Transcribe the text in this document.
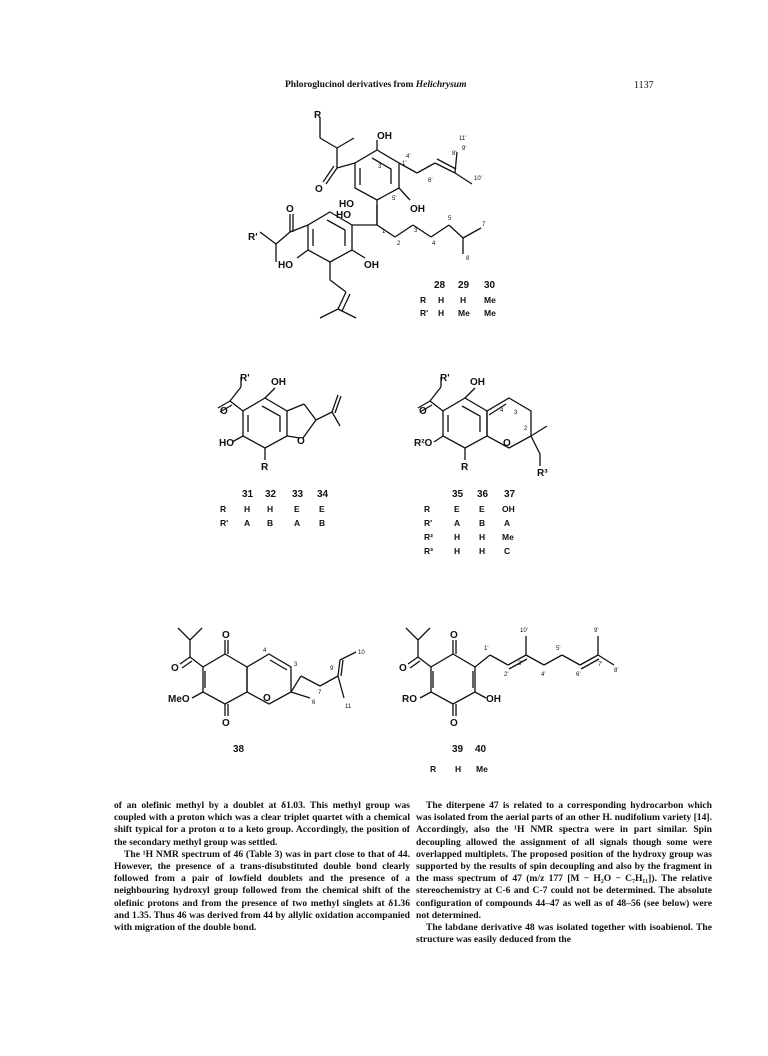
Phloroglucinol derivatives from Helichrysum	1137
OH
O
R
1'
3'
5'
4'
6'
8'
9'
10'
11'
OH
HO
HO
O
R'	1
2
3
4
5
7
8
HO	OH
28 29 30
R H H Me
R' H Me Me
O
OH
R'
O
HO
R
31 32 33 34
R H H E E
R' A B A B
O
4 3
2
R³
OH
R'
O
R²O
R
35 36 37
R	E E OH
R'	A B A
R² H H Me
R³ H H C
O
4
3
O
O
O
MeO	6
7
9
10
11
38
O
O
O
RO	OH
10'
1'
2'
3'
4'
5'
9'
7'
8'
6'
39 40
R H Me

of an olefinic methyl by a doublet at δ1.03. This methyl group was coupled with a proton which was a clear triplet quartet with a chemical shift typical for a proton α to a keto group. Accordingly, the position of the secondary methyl group was settled.

The ¹H NMR spectrum of 46 (Table 3) was in part close to that of 44. However, the presence of a trans-disubstituted double bond clearly followed from a pair of lowfield doublets and the presence of a neighbouring hydroxyl group followed from the chemical shift of the olefinic protons and from the presence of two methyl singlets at δ1.36 and 1.35. Thus 46 was derived from 44 by allylic oxidation accompanied with migration of the double bond.

The diterpene 47 is related to a corresponding hydrocarbon which was isolated from the aerial parts of an other H. nudifolium variety [14]. Accordingly, also the ¹H NMR spectra were in part similar. Spin decoupling allowed the assignment of all signals though some were overlapped multiplets. The proposed position of the hydroxy group was supported by the results of spin decoupling and also by the fragment in the mass spectrum of 47 (m/z 177 [M − H₂O − C₇H₁₁]). The relative stereochemistry at C-6 and C-7 could not be determined. The absolute configuration of compounds 44–47 as well as of 48–56 (see below) were not determined.

The labdane derivative 48 was isolated together with isoabienol. The structure was easily deduced from the
